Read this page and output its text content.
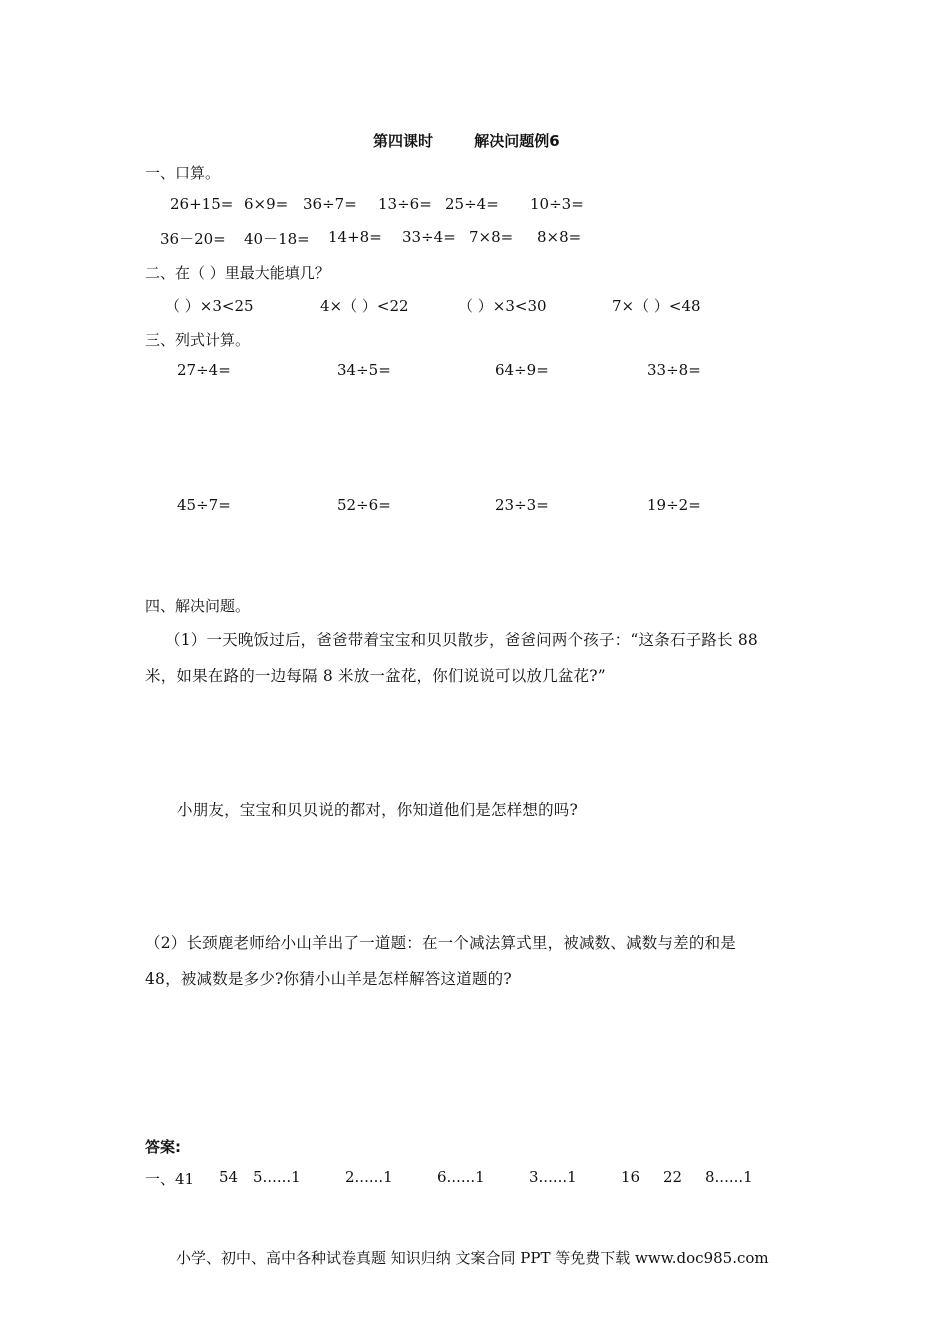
第四课时	解决问题例6
一、口算。
26+15= 6×9= 36÷7= 13÷6= 25÷4= 10÷3=
36－20= 40－18= 14+8= 33÷4= 7×8= 8×8=
二、在（ ）里最大能填几？
（ ）×3<25	4×（ ）<22	（ ）×3<30	7×（ ）<48
三、列式计算。
27÷4=	34÷5=	64÷9=	33÷8=
45÷7=	52÷6=	23÷3=	19÷2=
四、解决问题。
（1）一天晚饭过后，爸爸带着宝宝和贝贝散步，爸爸问两个孩子：“这条石子路长 88
米，如果在路的一边每隔 8 米放一盆花，你们说说可以放几盆花?”
小朋友，宝宝和贝贝说的都对，你知道他们是怎样想的吗?
（2）长颈鹿老师给小山羊出了一道题：在一个减法算式里，被减数、减数与差的和是
48，被减数是多少?你猜小山羊是怎样解答这道题的?
答案:
一、41 54 5......1	2......1	6......1	3......1	16 22 8......1
小学、初中、高中各种试卷真题 知识归纳 文案合同 PPT 等免费下载 www.doc985.com
